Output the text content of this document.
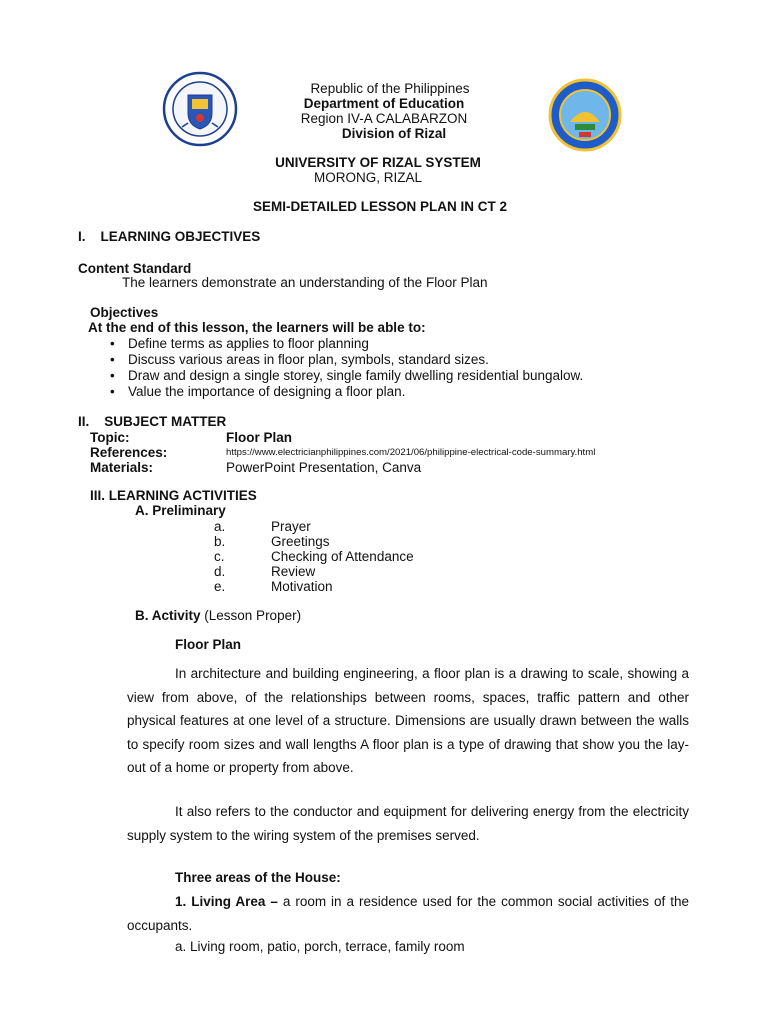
Republic of the Philippines
Department of Education
Region IV-A CALABARZON
Division of Rizal
UNIVERSITY OF RIZAL SYSTEM
MORONG, RIZAL
SEMI-DETAILED LESSON PLAN IN CT 2
I.    LEARNING OBJECTIVES
Content Standard
The learners demonstrate an understanding of the Floor Plan
Objectives
At the end of this lesson, the learners will be able to:
• Define terms as applies to floor planning
• Discuss various areas in floor plan, symbols, standard sizes.
• Draw and design a single storey, single family dwelling residential bungalow.
• Value the importance of designing a floor plan.
II.    SUBJECT MATTER
Topic:	Floor Plan
References:	https://www.electricianphilippines.com/2021/06/philippine-electrical-code-summary.html
Materials:	PowerPoint Presentation, Canva
III. LEARNING ACTIVITIES
A. Preliminary
a.	Prayer
b.	Greetings
c.	Checking of Attendance
d.	Review
e.	Motivation
B. Activity (Lesson Proper)
Floor Plan
In architecture and building engineering, a floor plan is a drawing to scale, showing a view from above, of the relationships between rooms, spaces, traffic pattern and other physical features at one level of a structure. Dimensions are usually drawn between the walls to specify room sizes and wall lengths A floor plan is a type of drawing that show you the lay-out of a home or property from above.
It also refers to the conductor and equipment for delivering energy from the electricity supply system to the wiring system of the premises served.
Three areas of the House:
1. Living Area – a room in a residence used for the common social activities of the occupants.
a. Living room, patio, porch, terrace, family room
